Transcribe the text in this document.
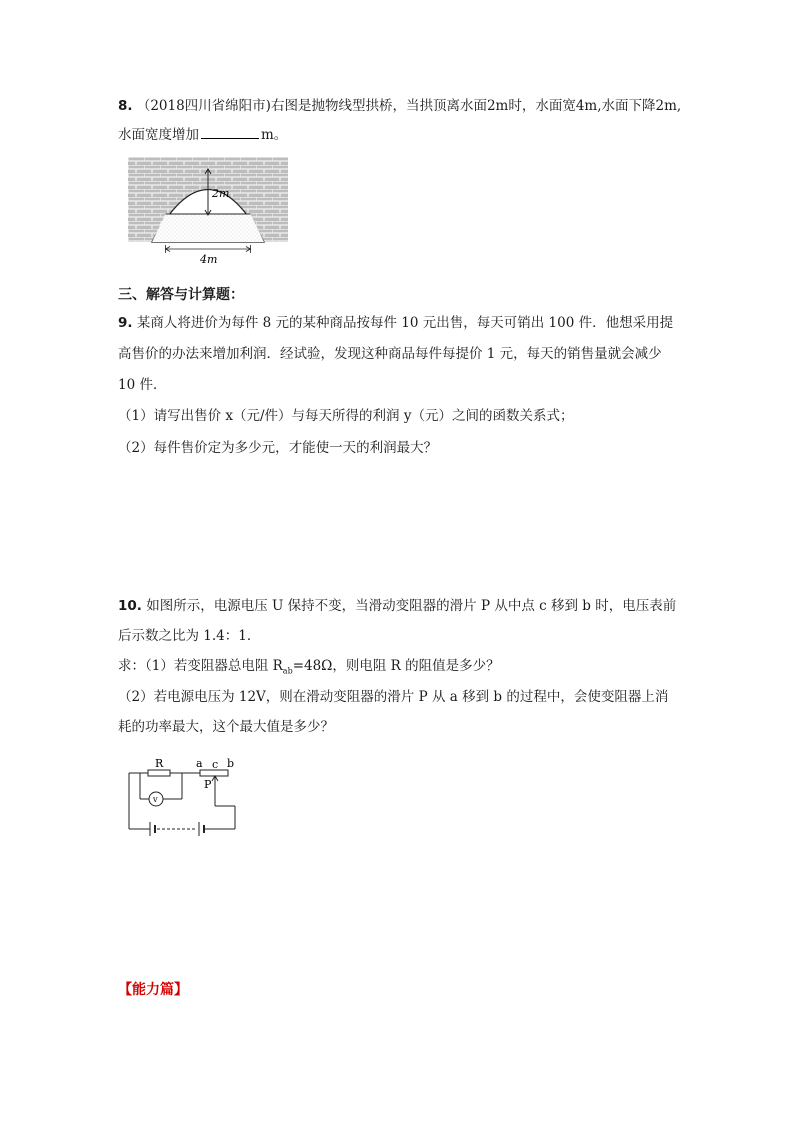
8. （2018四川省绵阳市)右图是抛物线型拱桥，当拱顶离水面2m时，水面宽4m,水面下降2m,
水面宽度增加	m。
2m
4m
三、解答与计算题：
9. 某商人将进价为每件 8 元的某种商品按每件 10 元出售，每天可销出 100 件．他想采用提
高售价的办法来增加利润．经试验，发现这种商品每件每提价 1 元，每天的销售量就会减少
10 件．
（1）请写出售价 x（元/件）与每天所得的利润 y（元）之间的函数关系式；
（2）每件售价定为多少元，才能使一天的利润最大？
10. 如图所示，电源电压 U 保持不变，当滑动变阻器的滑片 P 从中点 c 移到 b 时，电压表前
后示数之比为 1.4：1．
求：（1）若变阻器总电阻 $R_{ab}=48\Omega$，则电阻 R 的阻值是多少？
（2）若电源电压为 12V，则在滑动变阻器的滑片 P 从 a 移到 b 的过程中，会使变阻器上消
耗的功率最大，这个最大值是多少？
R	a c b
P
v
【能力篇】
